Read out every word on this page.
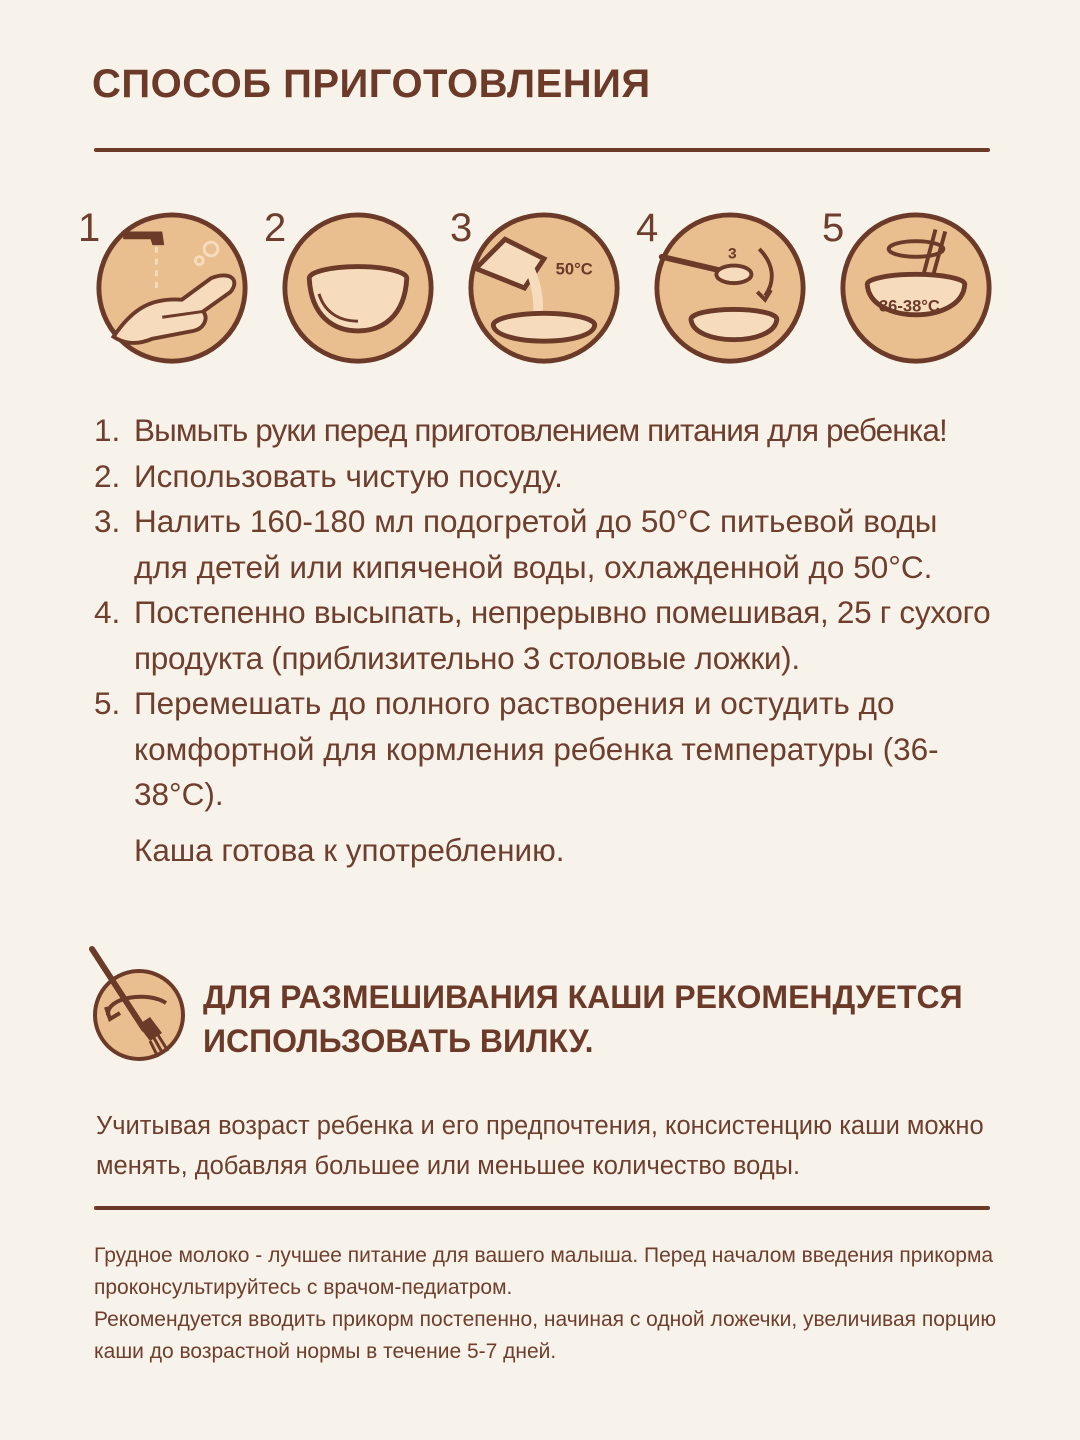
СПОСОБ ПРИГОТОВЛЕНИЯ
1	2
50°C
3
3
4
36-38°C
5
1. Вымыть руки перед приготовлением питания для ребенка!
2. Использовать чистую посуду.
3. Налить 160-180 мл подогретой до 50°С питьевой воды для детей или кипяченой воды, охлажденной до 50°С.
4. Постепенно высыпать, непрерывно помешивая, 25 г сухого продукта (приблизительно 3 столовые ложки).
5. Перемешать до полного растворения и остудить до комфортной для кормления ребенка температуры (36-38°С).
Каша готова к употреблению.
ДЛЯ РАЗМЕШИВАНИЯ КАШИ РЕКОМЕНДУЕТСЯ ИСПОЛЬЗОВАТЬ ВИЛКУ.
Учитывая возраст ребенка и его предпочтения, консистенцию каши можно менять, добавляя большее или меньшее количество воды.
Грудное молоко - лучшее питание для вашего малыша. Перед началом введения прикорма проконсультируйтесь с врачом-педиатром.
Рекомендуется вводить прикорм постепенно, начиная с одной ложечки, увеличивая порцию каши до возрастной нормы в течение 5-7 дней.
